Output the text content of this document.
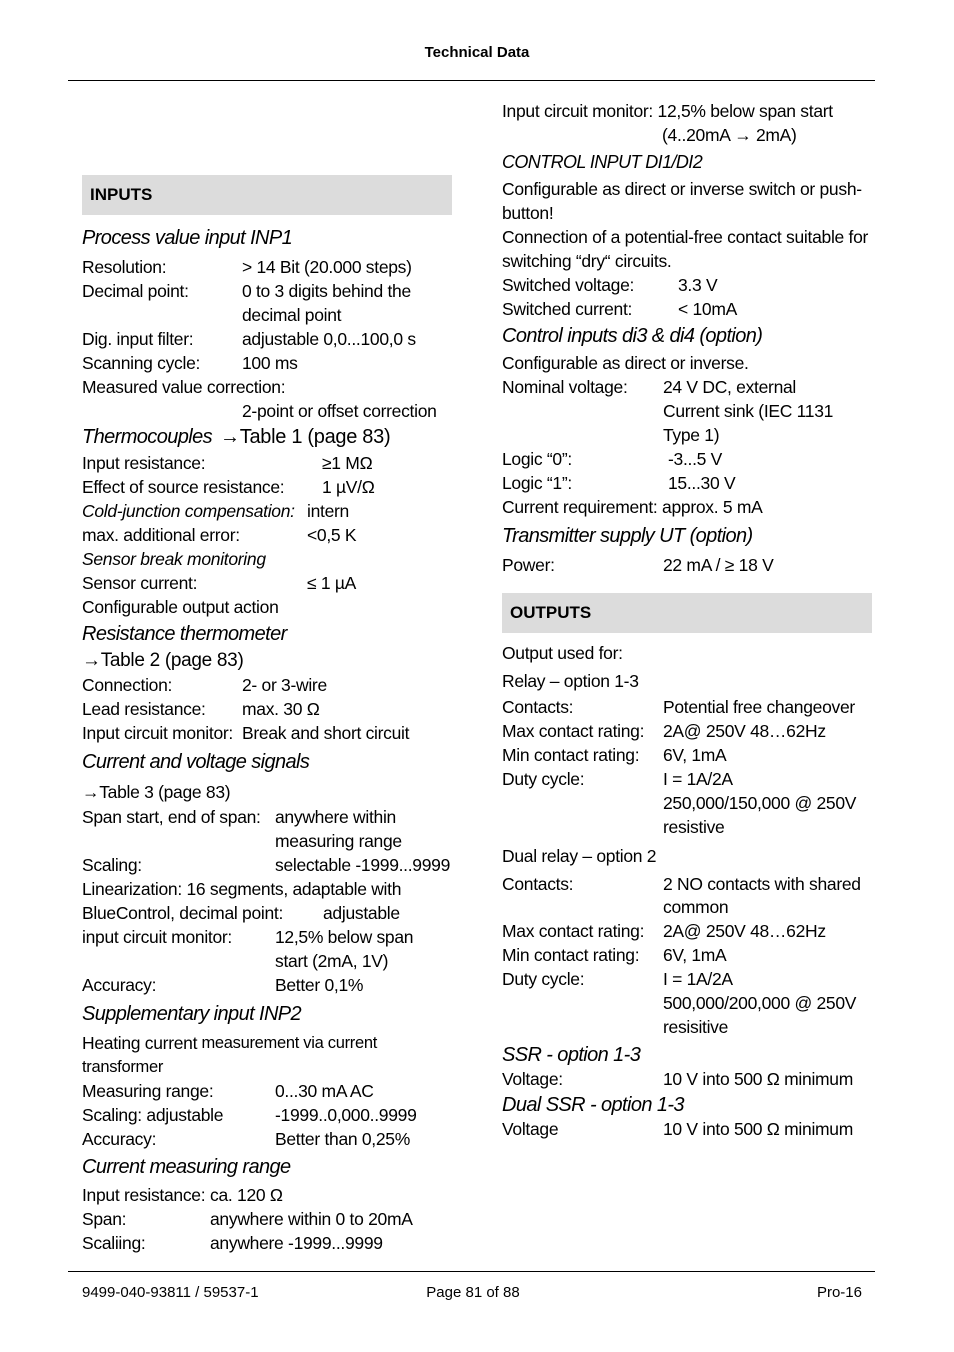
Technical Data
INPUTS
Process value input INP1
Resolution:	> 14 Bit (20.000 steps)
Decimal point:	0 to 3 digits behind the
decimal point
Dig. input filter:	adjustable 0,0...100,0 s
Scanning cycle:	100 ms
Measured value correction:
2-point or offset correction
Thermocouples →Table 1 (page 83)
Input resistance:	≥1 MΩ
Effect of source resistance:	1 µV/Ω
Cold-junction compensation: intern
max. additional error:	<0,5 K
Sensor break monitoring
Sensor current:	≤ 1 µA
Configurable output action
Resistance thermometer
→Table 2 (page 83)
Connection:	2- or 3-wire
Lead resistance:	max. 30 Ω
Input circuit monitor: Break and short circuit
Current and voltage signals
→Table 3 (page 83)
Span start, end of span: anywhere within
measuring range
Scaling:	selectable -1999...9999
Linearization: 16 segments, adaptable with
BlueControl, decimal point:	adjustable
input circuit monitor:	12,5% below span
start (2mA, 1V)
Accuracy:	Better 0,1%
Supplementary input INP2
Heating current measurement via current
transformer
Measuring range:	0...30 mA AC
Scaling: adjustable	-1999..0,000..9999
Accuracy:	Better than 0,25%
Current measuring range
Input resistance: ca. 120 Ω
Span:	anywhere within 0 to 20mA
Scaliing:	anywhere -1999...9999
Input circuit monitor: 12,5% below span start
(4..20mA → 2mA)
CONTROL INPUT DI1/DI2
Configurable as direct or inverse switch or push-
button!
Connection of a potential-free contact suitable for
switching “dry“ circuits.
Switched voltage:	3.3 V
Switched current:	< 10mA
Control inputs di3 & di4 (option)
Configurable as direct or inverse.
Nominal voltage:	24 V DC, external
Current sink (IEC 1131
Type 1)
Logic “0”:	-3...5 V
Logic “1”:	15...30 V
Current requirement: approx. 5 mA
Transmitter supply UT (option)
Power:	22 mA / ≥ 18 V
OUTPUTS
Output used for:
Relay – option 1-3
Contacts:	Potential free changeover
Max contact rating:	2A@ 250V 48…62Hz
Min contact rating:	6V, 1mA
Duty cycle:	I = 1A/2A
250,000/150,000 @ 250V
resistive
Dual relay – option 2
Contacts:	2 NO contacts with shared
common
Max contact rating:	2A@ 250V 48…62Hz
Min contact rating:	6V, 1mA
Duty cycle:	I = 1A/2A
500,000/200,000 @ 250V
resisitive
SSR - option 1-3
Voltage:	10 V into 500 Ω minimum
Dual SSR - option 1-3
Voltage	10 V into 500 Ω minimum
9499-040-93811 / 59537-1	Page 81 of 88	Pro-16
